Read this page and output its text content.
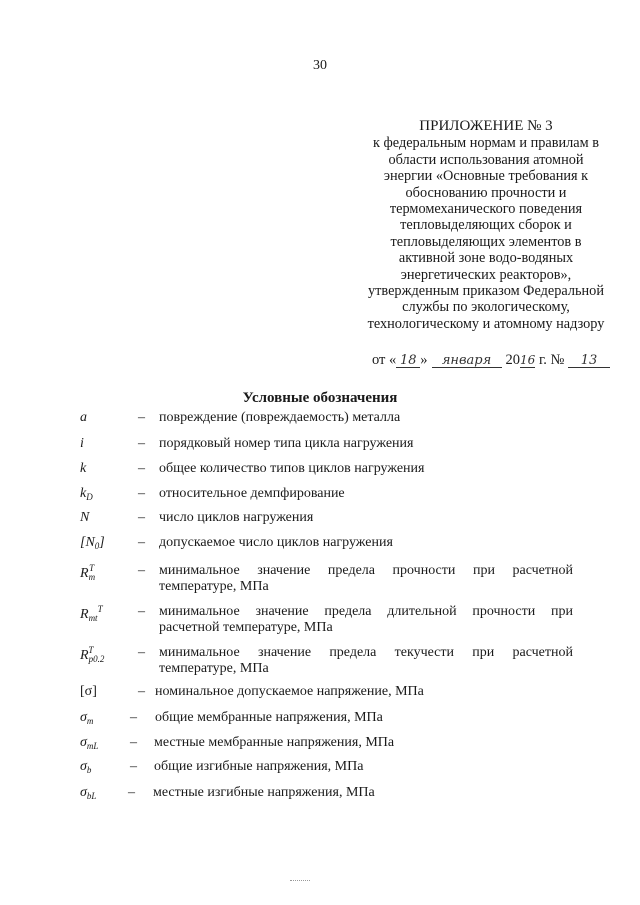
30
ПРИЛОЖЕНИЕ № 3
к федеральным нормам и правилам в
области использования атомной
энергии «Основные требования к
обоснованию прочности и
термомеханического поведения
тепловыделяющих сборок и
тепловыделяющих элементов в
активной зоне водо-водяных
энергетических реакторов»,
утвержденным приказом Федеральной
службы по экологическому,
технологическому и атомному надзору
от « 18 » января 2016 г. № 13
Условные обозначения
a	– повреждение (повреждаемость) металла
i	– порядковый номер типа цикла нагружения
k	– общее количество типов циклов нагружения
$k_D$	– относительное демпфирование
N	– число циклов нагружения
$[N_0]$ – допускаемое число циклов нагружения
$R_m^T$	– минимальное значение предела прочности при расчетной
температуре, МПа
$R_{mt}^T$	– минимальное значение предела длительной прочности при
расчетной температуре, МПа
$R_{p0.2}^T$	– минимальное значение предела текучести при расчетной
температуре, МПа
[σ]	– номинальное допускаемое напряжение, МПа
$\sigma_m$	– общие мембранные напряжения, МПа
$\sigma_{mL}$ – местные мембранные напряжения, МПа
$\sigma_b$	– общие изгибные напряжения, МПа
$\sigma_{bL}$ – местные изгибные напряжения, МПа
